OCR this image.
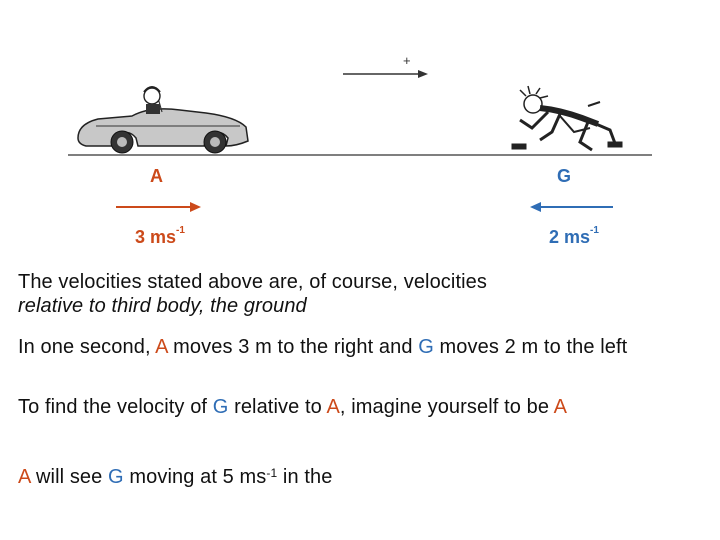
+
A	G
3 $ms^{-1}$	2 $ms^{-1}$
The velocities stated above are, of course, velocities
relative to third body, the ground
In one second, A moves 3 m to the right and G moves 2 m to the left
To find the velocity of G relative to A, imagine yourself to be A
A will see G moving at 5 $ms^{-1}$ in the
